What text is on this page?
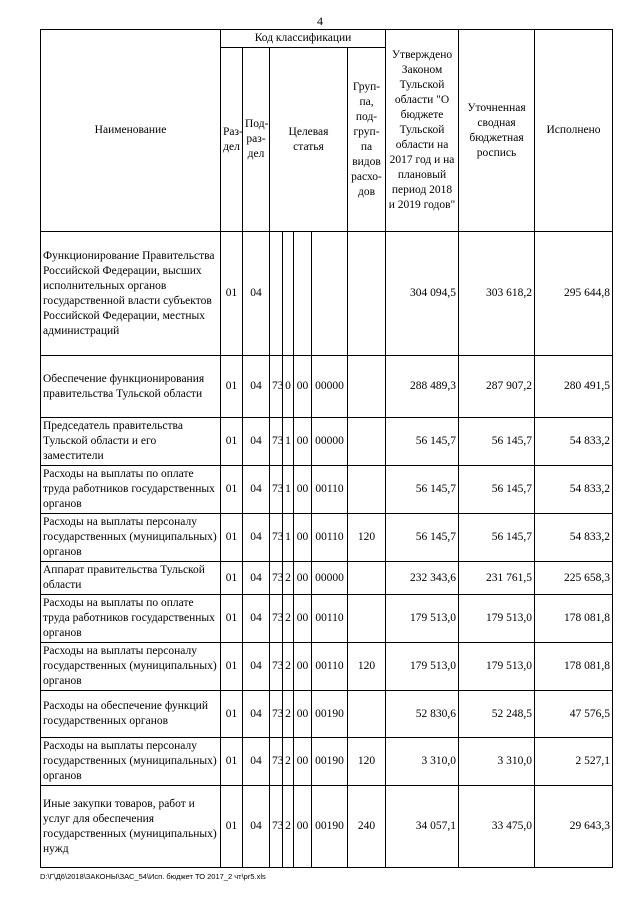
4
Наименование	Код классификации							Утверждено Законом Тульской области "О бюджете Тульской области на 2017 год и на плановый период 2018 и 2019 годов"	Уточненная сводная бюджетная роспись	Исполнено
	Раз-дел	Под-раз-дел	Целевая статья				Груп-па, под-груп-па видов расхо-дов			
Функционирование Правительства Российской Федерации, высших исполнительных органов государственной власти субъектов Российской Федерации, местных администраций	01	04						304 094,5	303 618,2	295 644,8
Обеспечение функционирования правительства Тульской области	01	04	73	0	00	00000		288 489,3	287 907,2	280 491,5
Председатель правительства Тульской области и его заместители	01	04	73	1	00	00000		56 145,7	56 145,7	54 833,2
Расходы на выплаты по оплате труда работников государственных органов	01	04	73	1	00	00110		56 145,7	56 145,7	54 833,2
Расходы на выплаты персоналу государственных (муниципальных) органов	01	04	73	1	00	00110	120	56 145,7	56 145,7	54 833,2
Аппарат правительства Тульской области	01	04	73	2	00	00000		232 343,6	231 761,5	225 658,3
Расходы на выплаты по оплате труда работников государственных органов	01	04	73	2	00	00110		179 513,0	179 513,0	178 081,8
Расходы на выплаты персоналу государственных (муниципальных) органов	01	04	73	2	00	00110	120	179 513,0	179 513,0	178 081,8
Расходы на обеспечение функций государственных органов	01	04	73	2	00	00190		52 830,6	52 248,5	47 576,5
Расходы на выплаты персоналу государственных (муниципальных) органов	01	04	73	2	00	00190	120	3 310,0	3 310,0	2 527,1
Иные закупки товаров, работ и услуг для обеспечения государственных (муниципальных) нужд	01	04	73	2	00	00190	240	34 057,1	33 475,0	29 643,3
D:\Г\Д6\2018\ЗАКОНЫ\ЗАС_54\Исп. бюджет ТО 2017_2 чт\pr5.xls
